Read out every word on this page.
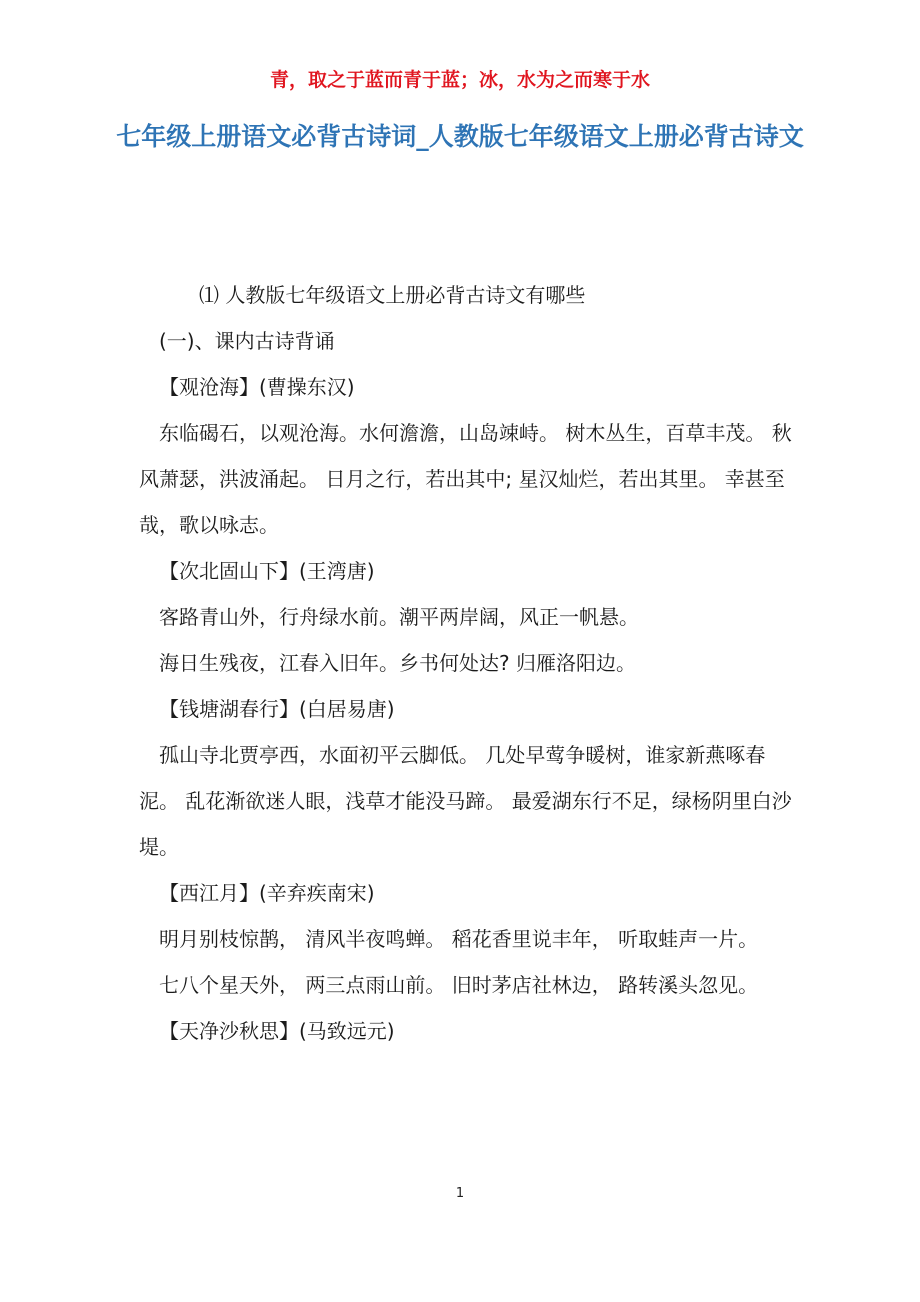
青，取之于蓝而青于蓝；冰，水为之而寒于水
七年级上册语文必背古诗词_人教版七年级语文上册必背古诗文

⑴ 人教版七年级语文上册必背古诗文有哪些

(一)、课内古诗背诵

【观沧海】(曹操东汉)

东临碣石，以观沧海。水何澹澹，山岛竦峙。 树木丛生，百草丰茂。 秋风萧瑟，洪波涌起。 日月之行，若出其中; 星汉灿烂，若出其里。 幸甚至哉，歌以咏志。

【次北固山下】(王湾唐)

客路青山外，行舟绿水前。潮平两岸阔，风正一帆悬。

海日生残夜，江春入旧年。乡书何处达? 归雁洛阳边。

【钱塘湖春行】(白居易唐)

孤山寺北贾亭西，水面初平云脚低。 几处早莺争暖树，谁家新燕啄春泥。 乱花渐欲迷人眼，浅草才能没马蹄。 最爱湖东行不足，绿杨阴里白沙堤。

【西江月】(辛弃疾南宋)

明月别枝惊鹊， 清风半夜鸣蝉。 稻花香里说丰年， 听取蛙声一片。

七八个星天外， 两三点雨山前。 旧时茅店社林边， 路转溪头忽见。

【天净沙秋思】(马致远元)

1
